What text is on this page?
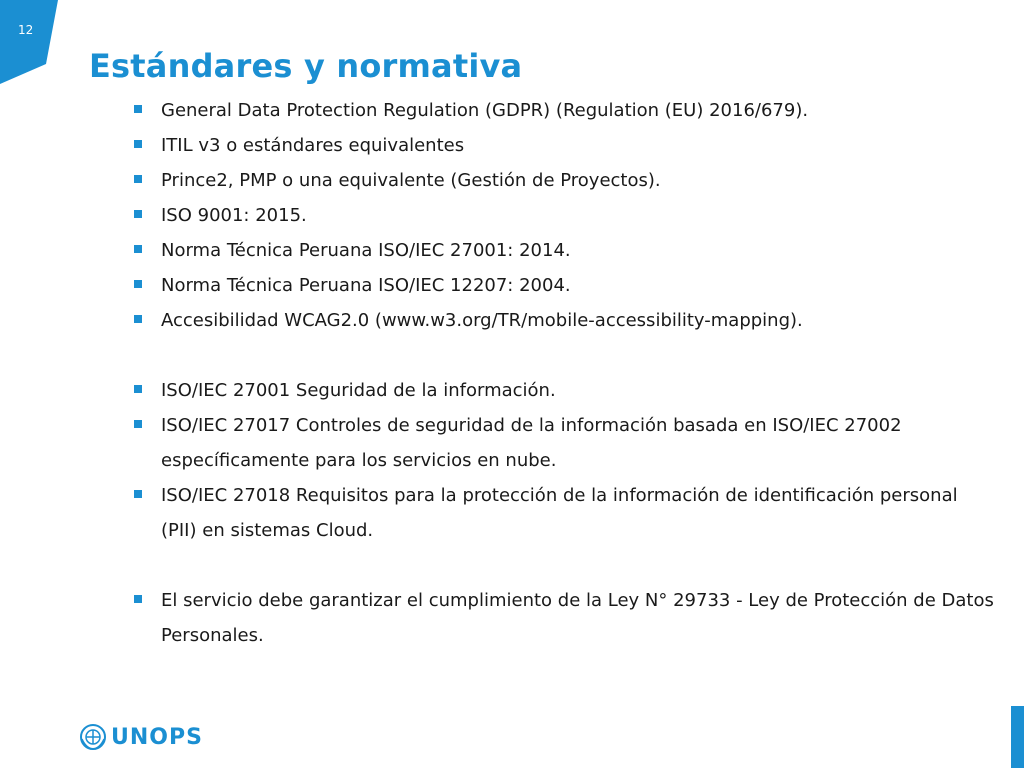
12
Estándares y normativa
General Data Protection Regulation (GDPR) (Regulation (EU) 2016/679).
ITIL v3 o estándares equivalentes
Prince2, PMP o una equivalente (Gestión de Proyectos).
ISO 9001: 2015.
Norma Técnica Peruana ISO/IEC 27001: 2014.
Norma Técnica Peruana ISO/IEC 12207: 2004.
Accesibilidad WCAG2.0 (www.w3.org/TR/mobile-accessibility-mapping).
ISO/IEC 27001 Seguridad de la información.
ISO/IEC 27017 Controles de seguridad de la información basada en ISO/IEC 27002 específicamente para los servicios en nube.
ISO/IEC 27018 Requisitos para la protección de la información de identificación personal (PII) en sistemas Cloud.
El servicio debe garantizar el cumplimiento de la Ley N° 29733 - Ley de Protección de Datos Personales.
UNOPS
